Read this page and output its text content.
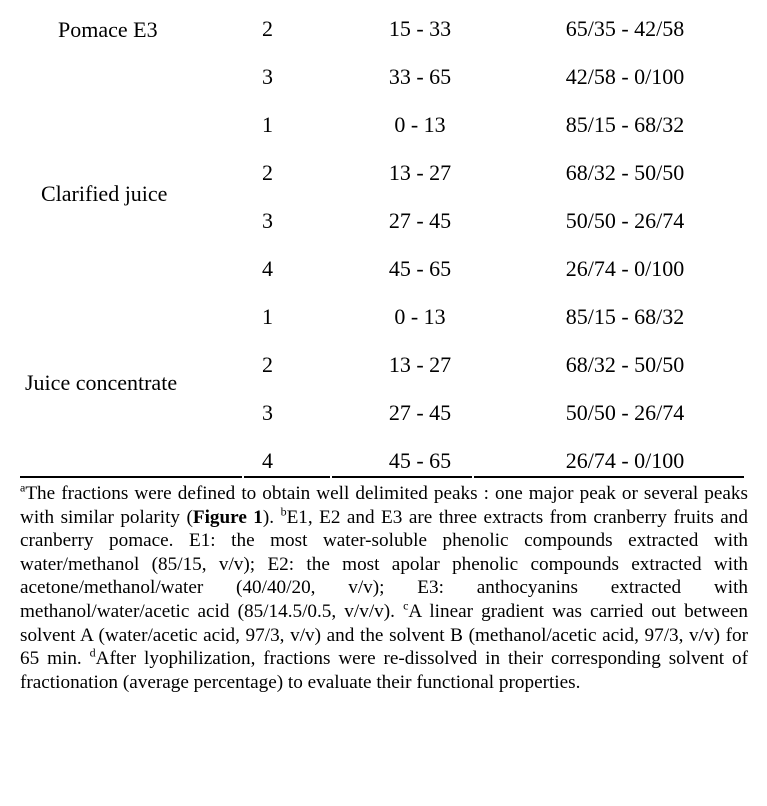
Pomace E3	2	15 - 33	65/35 - 42/58
3	33 - 65	42/58 - 0/100
Clarified juice
1	0 - 13	85/15 - 68/32
2	13 - 27	68/32 - 50/50
3	27 - 45	50/50 - 26/74
4	45 - 65	26/74 - 0/100
Juice concentrate
1	0 - 13	85/15 - 68/32
2	13 - 27	68/32 - 50/50
3	27 - 45	50/50 - 26/74
4	45 - 65	26/74 - 0/100
$^a$The fractions were defined to obtain well delimited peaks : one major peak or several peaks with similar polarity (Figure 1). $^b$E1, E2 and E3 are three extracts from cranberry fruits and cranberry pomace. E1: the most water-soluble phenolic compounds extracted with water/methanol (85/15, v/v); E2: the most apolar phenolic compounds extracted with acetone/methanol/water (40/40/20, v/v); E3: anthocyanins extracted with methanol/water/acetic acid (85/14.5/0.5, v/v/v). $^c$A linear gradient was carried out between solvent A (water/acetic acid, 97/3, v/v) and the solvent B (methanol/acetic acid, 97/3, v/v) for 65 min. $^d$After lyophilization, fractions were re-dissolved in their corresponding solvent of fractionation (average percentage) to evaluate their functional properties.
